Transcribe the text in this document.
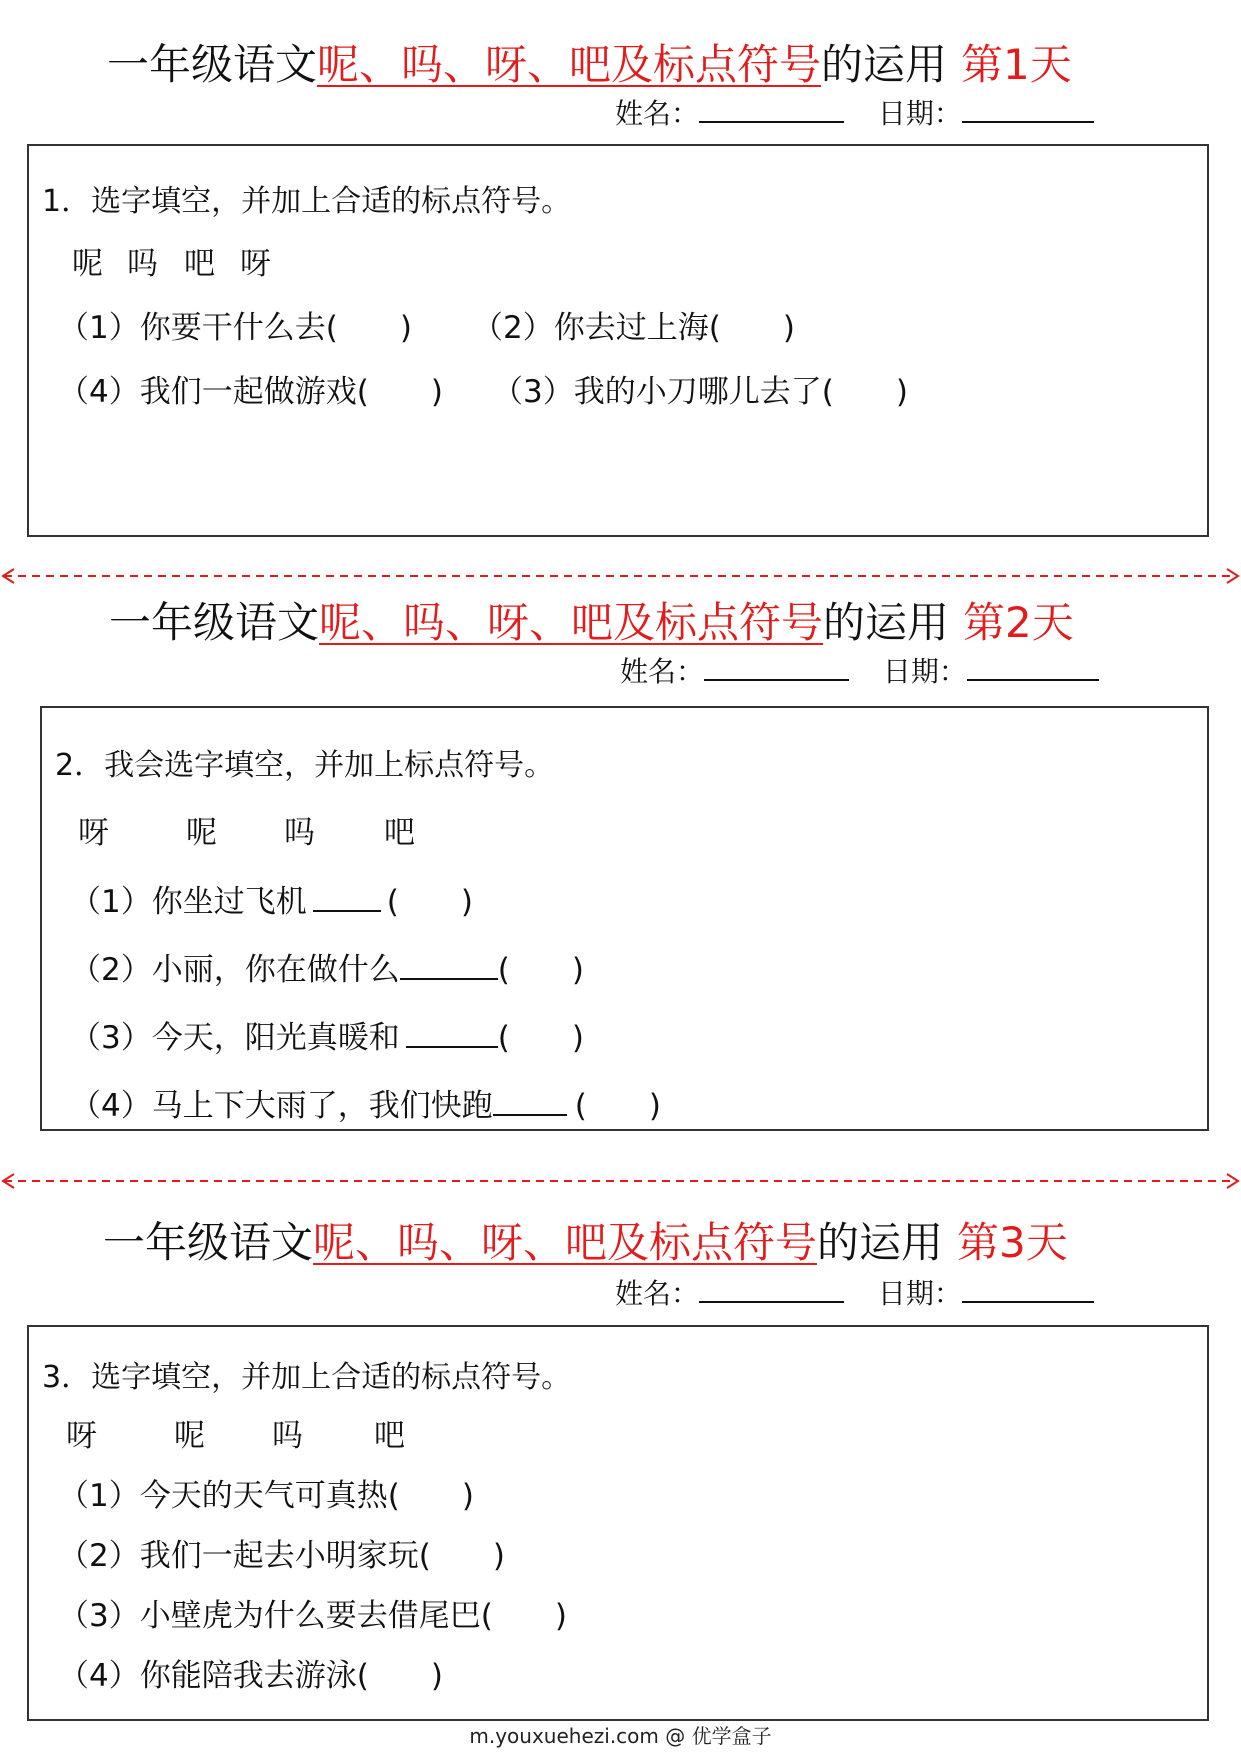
一年级语文呢、吗、呀、吧及标点符号的运用 第1天
姓名：	日期：
1．选字填空，并加上合适的标点符号。
呢 吗 吧 呀
（1）你要干什么去(　　) （2）你去过上海(　　)
（4）我们一起做游戏(　　) （3）我的小刀哪儿去了(　　)
一年级语文呢、吗、呀、吧及标点符号的运用 第2天
姓名：	日期：
2．我会选字填空，并加上标点符号。
呀 呢 吗 吧
（1）你坐过飞机	(　　)
（2）小丽，你在做什么	(　　)
（3）今天，阳光真暖和	(　　)
（4）马上下大雨了，我们快跑	(　　)
一年级语文呢、吗、呀、吧及标点符号的运用 第3天
姓名：	日期：
3．选字填空，并加上合适的标点符号。
呀 呢 吗 吧
（1）今天的天气可真热(　　)
（2）我们一起去小明家玩(　　)
（3）小壁虎为什么要去借尾巴(　　)
（4）你能陪我去游泳(　　)
m.youxuehezi.com @ 优学盒子
